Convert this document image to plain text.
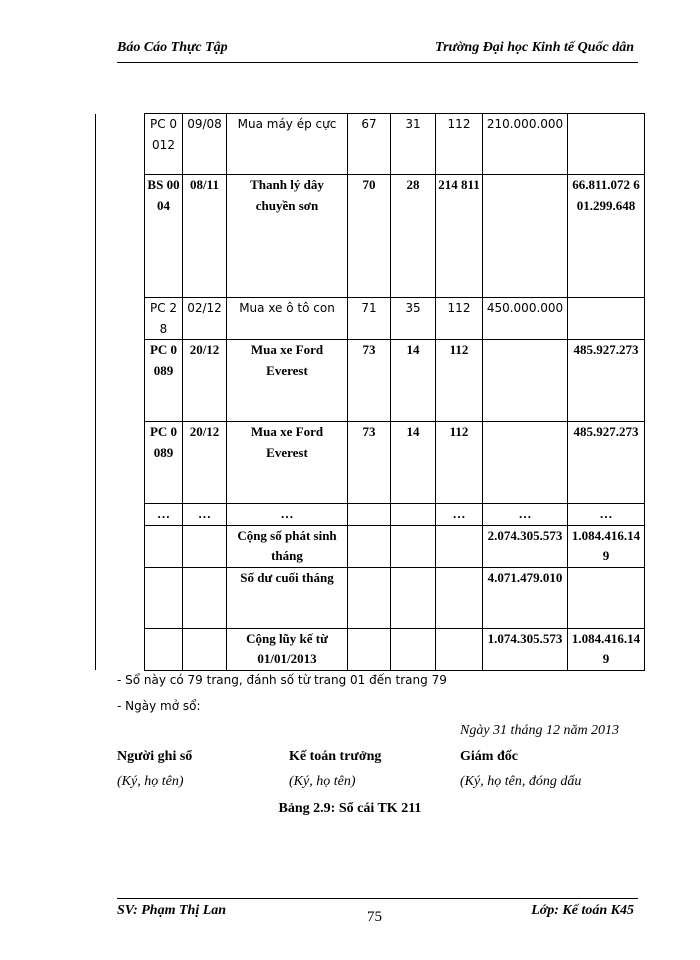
Báo Cáo Thực Tập	Trường Đại học Kinh tế Quốc dân
	PC 0012	09/08	Mua máy ép cực	67	31	112	210.000.000	
	BS 0004	08/11	Thanh lý dây chuyền sơn	70	28	214 811		66.811.072 601.299.648
	PC 28	02/12	Mua xe ô tô con	71	35	112	450.000.000	
	PC 0089	20/12	Mua xe Ford Everest	73	14	112		485.927.273
	PC 0089	20/12	Mua xe Ford Everest	73	14	112		485.927.273
	…	…	…			…	…	…
			Cộng số phát sinh tháng				2.074.305.573	1.084.416.149
			Số dư cuối tháng				4.071.479.010	
			Cộng lũy kế từ 01/01/2013				1.074.305.573	1.084.416.149
- Sổ này có 79 trang, đánh số từ trang 01 đến trang 79
- Ngày mở sổ:
Ngày 31 tháng 12 năm 2013
Người ghi sổ	Kế toán trưởng	Giám đốc
(Ký, họ tên)	(Ký, họ tên)	(Ký, họ tên, đóng dấu
Bảng 2.9: Sổ cái TK 211
SV: Phạm Thị Lan	75	Lớp: Kế toán K45
